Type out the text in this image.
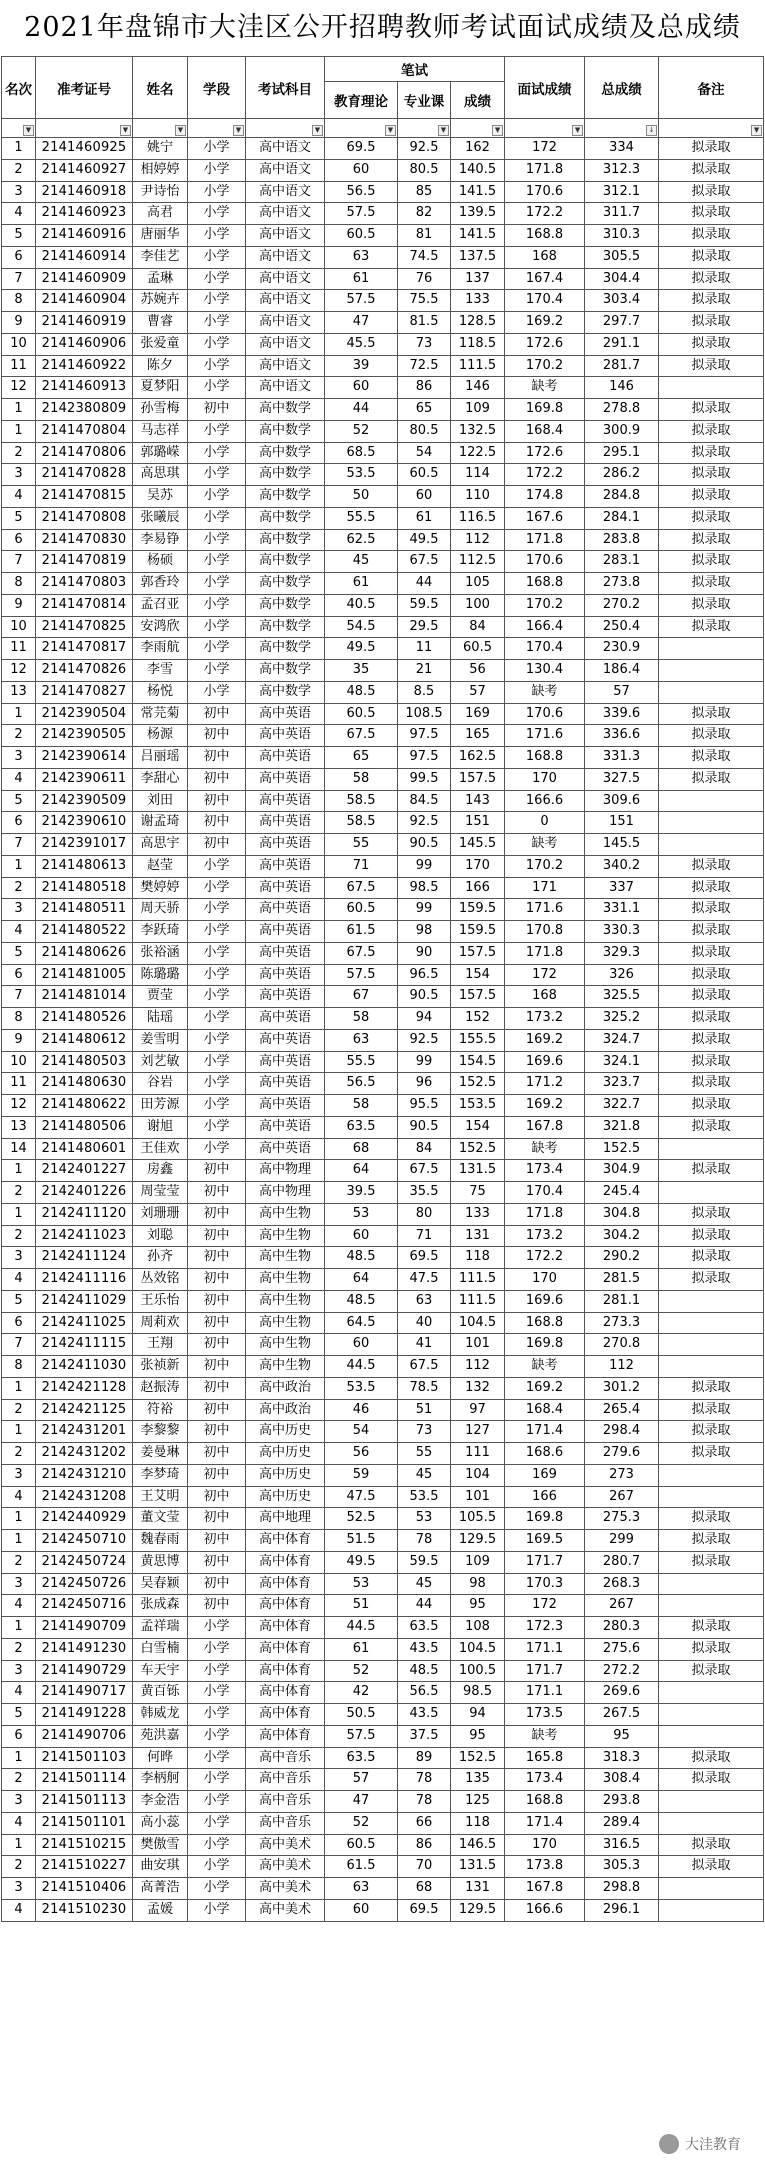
2021年盘锦市大洼区公开招聘教师考试面试成绩及总成绩
名次	准考证号	姓名	学段	考试科目	笔试			面试成绩	总成绩	备注
					教育理论	专业课	成绩			

▼	▼	▼	▼	▼	▼	▼	▼	▼	↓	▼

1	2141460925	姚宁	小学	高中语文	69.5	92.5	162	172	334	拟录取
2	2141460927	相婷婷	小学	高中语文	60	80.5	140.5	171.8	312.3	拟录取
3	2141460918	尹诗怡	小学	高中语文	56.5	85	141.5	170.6	312.1	拟录取
4	2141460923	高君	小学	高中语文	57.5	82	139.5	172.2	311.7	拟录取
5	2141460916	唐丽华	小学	高中语文	60.5	81	141.5	168.8	310.3	拟录取
6	2141460914	李佳艺	小学	高中语文	63	74.5	137.5	168	305.5	拟录取
7	2141460909	孟琳	小学	高中语文	61	76	137	167.4	304.4	拟录取
8	2141460904	苏婉卉	小学	高中语文	57.5	75.5	133	170.4	303.4	拟录取
9	2141460919	曹睿	小学	高中语文	47	81.5	128.5	169.2	297.7	拟录取
10	2141460906	张爱童	小学	高中语文	45.5	73	118.5	172.6	291.1	拟录取
11	2141460922	陈夕	小学	高中语文	39	72.5	111.5	170.2	281.7	拟录取
12	2141460913	夏梦阳	小学	高中语文	60	86	146	缺考	146	
1	2142380809	孙雪梅	初中	高中数学	44	65	109	169.8	278.8	拟录取
1	2141470804	马志祥	小学	高中数学	52	80.5	132.5	168.4	300.9	拟录取
2	2141470806	郭璐嵘	小学	高中数学	68.5	54	122.5	172.6	295.1	拟录取
3	2141470828	高思琪	小学	高中数学	53.5	60.5	114	172.2	286.2	拟录取
4	2141470815	吴苏	小学	高中数学	50	60	110	174.8	284.8	拟录取
5	2141470808	张曦辰	小学	高中数学	55.5	61	116.5	167.6	284.1	拟录取
6	2141470830	李易铮	小学	高中数学	62.5	49.5	112	171.8	283.8	拟录取
7	2141470819	杨硕	小学	高中数学	45	67.5	112.5	170.6	283.1	拟录取
8	2141470803	郭香玲	小学	高中数学	61	44	105	168.8	273.8	拟录取
9	2141470814	孟召亚	小学	高中数学	40.5	59.5	100	170.2	270.2	拟录取
10	2141470825	安鸿欣	小学	高中数学	54.5	29.5	84	166.4	250.4	拟录取
11	2141470817	李雨航	小学	高中数学	49.5	11	60.5	170.4	230.9	
12	2141470826	李雪	小学	高中数学	35	21	56	130.4	186.4	
13	2141470827	杨悦	小学	高中数学	48.5	8.5	57	缺考	57	
1	2142390504	常芫菊	初中	高中英语	60.5	108.5	169	170.6	339.6	拟录取
2	2142390505	杨源	初中	高中英语	67.5	97.5	165	171.6	336.6	拟录取
3	2142390614	吕丽瑶	初中	高中英语	65	97.5	162.5	168.8	331.3	拟录取
4	2142390611	李甜心	初中	高中英语	58	99.5	157.5	170	327.5	拟录取
5	2142390509	刘田	初中	高中英语	58.5	84.5	143	166.6	309.6	
6	2142390610	谢孟琦	初中	高中英语	58.5	92.5	151	0	151	
7	2142391017	高思宇	初中	高中英语	55	90.5	145.5	缺考	145.5	
1	2141480613	赵莹	小学	高中英语	71	99	170	170.2	340.2	拟录取
2	2141480518	樊婷婷	小学	高中英语	67.5	98.5	166	171	337	拟录取
3	2141480511	周天骄	小学	高中英语	60.5	99	159.5	171.6	331.1	拟录取
4	2141480522	李跃琦	小学	高中英语	61.5	98	159.5	170.8	330.3	拟录取
5	2141480626	张裕涵	小学	高中英语	67.5	90	157.5	171.8	329.3	拟录取
6	2141481005	陈璐璐	小学	高中英语	57.5	96.5	154	172	326	拟录取
7	2141481014	贾莹	小学	高中英语	67	90.5	157.5	168	325.5	拟录取
8	2141480526	陆瑶	小学	高中英语	58	94	152	173.2	325.2	拟录取
9	2141480612	姜雪明	小学	高中英语	63	92.5	155.5	169.2	324.7	拟录取
10	2141480503	刘艺敏	小学	高中英语	55.5	99	154.5	169.6	324.1	拟录取
11	2141480630	谷岩	小学	高中英语	56.5	96	152.5	171.2	323.7	拟录取
12	2141480622	田芳源	小学	高中英语	58	95.5	153.5	169.2	322.7	拟录取
13	2141480506	谢旭	小学	高中英语	63.5	90.5	154	167.8	321.8	拟录取
14	2141480601	王佳欢	小学	高中英语	68	84	152.5	缺考	152.5	
1	2142401227	房鑫	初中	高中物理	64	67.5	131.5	173.4	304.9	拟录取
2	2142401226	周莹莹	初中	高中物理	39.5	35.5	75	170.4	245.4	
1	2142411120	刘珊珊	初中	高中生物	53	80	133	171.8	304.8	拟录取
2	2142411023	刘聪	初中	高中生物	60	71	131	173.2	304.2	拟录取
3	2142411124	孙齐	初中	高中生物	48.5	69.5	118	172.2	290.2	拟录取
4	2142411116	丛效铭	初中	高中生物	64	47.5	111.5	170	281.5	拟录取
5	2142411029	王乐怡	初中	高中生物	48.5	63	111.5	169.6	281.1	
6	2142411025	周莉欢	初中	高中生物	64.5	40	104.5	168.8	273.3	
7	2142411115	王翔	初中	高中生物	60	41	101	169.8	270.8	
8	2142411030	张祯新	初中	高中生物	44.5	67.5	112	缺考	112	
1	2142421128	赵振涛	初中	高中政治	53.5	78.5	132	169.2	301.2	拟录取
2	2142421125	符裕	初中	高中政治	46	51	97	168.4	265.4	拟录取
1	2142431201	李黎黎	初中	高中历史	54	73	127	171.4	298.4	拟录取
2	2142431202	姜曼琳	初中	高中历史	56	55	111	168.6	279.6	拟录取
3	2142431210	李梦琦	初中	高中历史	59	45	104	169	273	
4	2142431208	王艾明	初中	高中历史	47.5	53.5	101	166	267	
1	2142440929	董文莹	初中	高中地理	52.5	53	105.5	169.8	275.3	拟录取
1	2142450710	魏春雨	初中	高中体育	51.5	78	129.5	169.5	299	拟录取
2	2142450724	黄思博	初中	高中体育	49.5	59.5	109	171.7	280.7	拟录取
3	2142450726	吴春颖	初中	高中体育	53	45	98	170.3	268.3	
4	2142450716	张成森	初中	高中体育	51	44	95	172	267	
1	2141490709	孟祥瑞	小学	高中体育	44.5	63.5	108	172.3	280.3	拟录取
2	2141491230	白雪楠	小学	高中体育	61	43.5	104.5	171.1	275.6	拟录取
3	2141490729	车天宇	小学	高中体育	52	48.5	100.5	171.7	272.2	拟录取
4	2141490717	黄百铄	小学	高中体育	42	56.5	98.5	171.1	269.6	
5	2141491228	韩威龙	小学	高中体育	50.5	43.5	94	173.5	267.5	
6	2141490706	苑洪嘉	小学	高中体育	57.5	37.5	95	缺考	95	
1	2141501103	何晔	小学	高中音乐	63.5	89	152.5	165.8	318.3	拟录取
2	2141501114	李柄舸	小学	高中音乐	57	78	135	173.4	308.4	拟录取
3	2141501113	李金浩	小学	高中音乐	47	78	125	168.8	293.8	
4	2141501101	高小蕊	小学	高中音乐	52	66	118	171.4	289.4	
1	2141510215	樊傲雪	小学	高中美术	60.5	86	146.5	170	316.5	拟录取
2	2141510227	曲安琪	小学	高中美术	61.5	70	131.5	173.8	305.3	拟录取
3	2141510406	高菁浩	小学	高中美术	63	68	131	167.8	298.8	
4	2141510230	孟媛	小学	高中美术	60	69.5	129.5	166.6	296.1	
大洼教育
